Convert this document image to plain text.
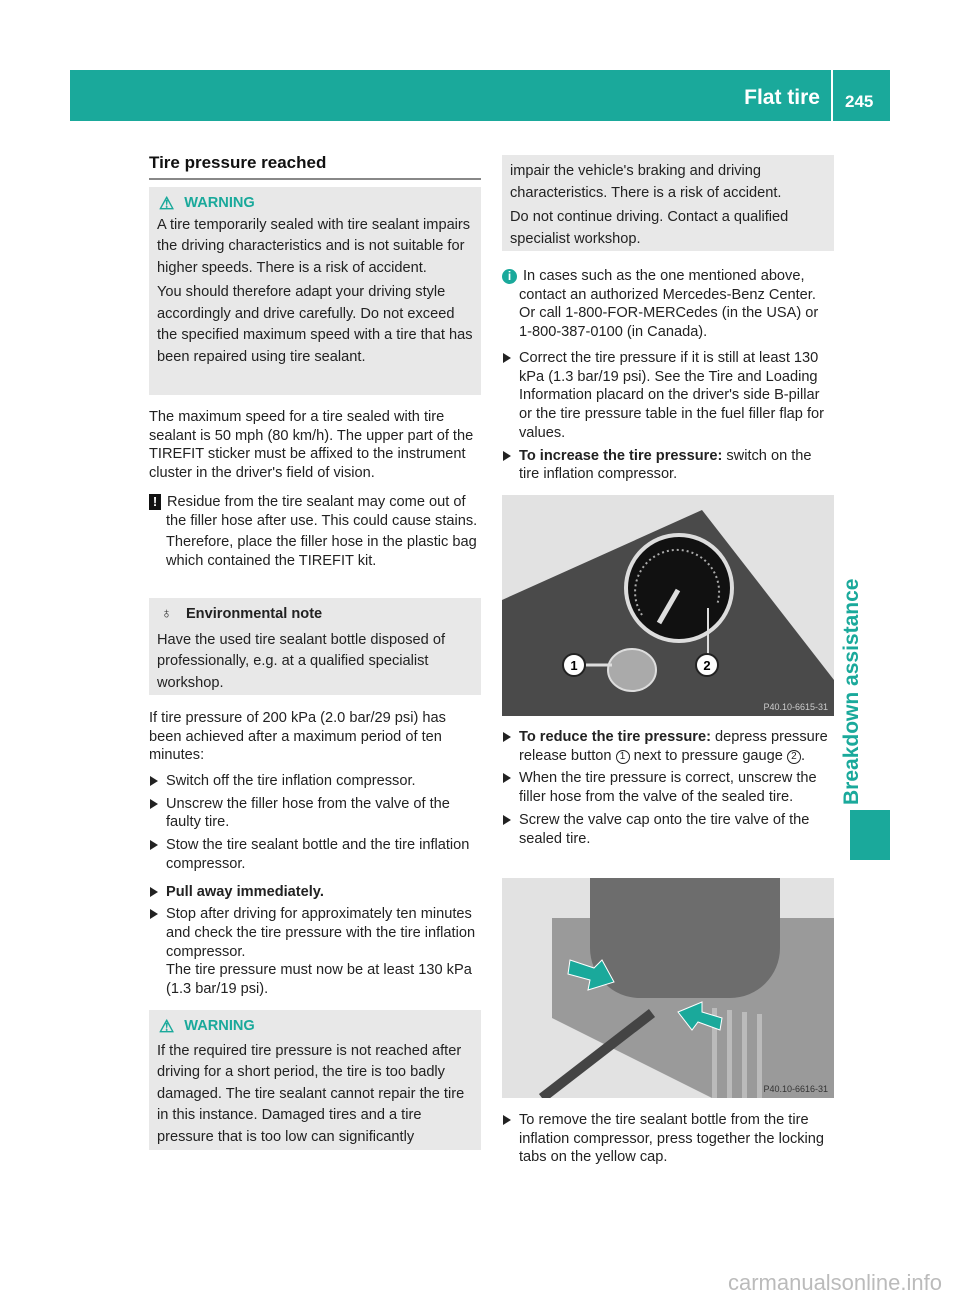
Flat tire 245
Breakdown assistance
Tire pressure reached
⚠ WARNING

A tire temporarily sealed with tire sealant impairs the driving characteristics and is not suitable for higher speeds. There is a risk of accident.

You should therefore adapt your driving style accordingly and drive carefully. Do not exceed the specified maximum speed with a tire that has been repaired using tire sealant.

The maximum speed for a tire sealed with tire sealant is 50 mph (80 km/h). The upper part of the TIREFIT sticker must be affixed to the instrument cluster in the driver's field of vision.
! Residue from the tire sealant may come out of the filler hose after use. This could cause stains.
Therefore, place the filler hose in the plastic bag which contained the TIREFIT kit.
♁ Environmental note

Have the used tire sealant bottle disposed of professionally, e.g. at a qualified specialist workshop.

If tire pressure of 200 kPa (2.0 bar/29 psi) has been achieved after a maximum period of ten minutes:
Switch off the tire inflation compressor.
Unscrew the filler hose from the valve of the faulty tire.
Stow the tire sealant bottle and the tire inflation compressor.
Pull away immediately.
Stop after driving for approximately ten minutes and check the tire pressure with the tire inflation compressor.
The tire pressure must now be at least 130 kPa (1.3 bar/19 psi).
⚠ WARNING

If the required tire pressure is not reached after driving for a short period, the tire is too badly damaged. The tire sealant cannot repair the tire in this instance. Damaged tires and a tire pressure that is too low can significantly

impair the vehicle's braking and driving characteristics. There is a risk of accident.

Do not continue driving. Contact a qualified specialist workshop.

i In cases such as the one mentioned above, contact an authorized Mercedes-Benz Center. Or call 1-800-FOR-MERCedes (in the USA) or 1-800-387-0100 (in Canada).
Correct the tire pressure if it is still at least 130 kPa (1.3 bar/19 psi). See the Tire and Loading Information placard on the driver's side B-pillar or the tire pressure table in the fuel filler flap for values.
To increase the tire pressure: switch on the tire inflation compressor.
1	2
P40.10-6615-31
To reduce the tire pressure: depress pressure release button 1 next to pressure gauge 2 .
When the tire pressure is correct, unscrew the filler hose from the valve of the sealed tire.
Screw the valve cap onto the tire valve of the sealed tire.
P40.10-6616-31
To remove the tire sealant bottle from the tire inflation compressor, press together the locking tabs on the yellow cap.
carmanualsonline.info
